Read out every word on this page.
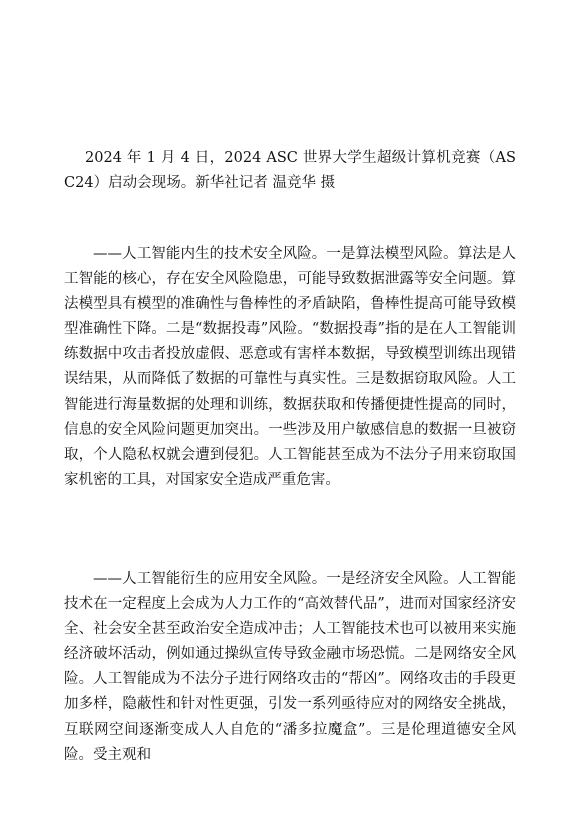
2024 年 1 月 4 日，2024 ASC 世界大学生超级计算机竞赛（ASC24）启动会现场。新华社记者 温竞华 摄

——人工智能内生的技术安全风险。一是算法模型风险。算法是人工智能的核心，存在安全风险隐患，可能导致数据泄露等安全问题。算法模型具有模型的准确性与鲁棒性的矛盾缺陷，鲁棒性提高可能导致模型准确性下降。二是“数据投毒”风险。“数据投毒”指的是在人工智能训练数据中攻击者投放虚假、恶意或有害样本数据，导致模型训练出现错误结果，从而降低了数据的可靠性与真实性。三是数据窃取风险。人工智能进行海量数据的处理和训练，数据获取和传播便捷性提高的同时，信息的安全风险问题更加突出。一些涉及用户敏感信息的数据一旦被窃取，个人隐私权就会遭到侵犯。人工智能甚至成为不法分子用来窃取国家机密的工具，对国家安全造成严重危害。

——人工智能衍生的应用安全风险。一是经济安全风险。人工智能技术在一定程度上会成为人力工作的“高效替代品”，进而对国家经济安全、社会安全甚至政治安全造成冲击；人工智能技术也可以被用来实施经济破坏活动，例如通过操纵宣传导致金融市场恐慌。二是网络安全风险。人工智能成为不法分子进行网络攻击的“帮凶”。网络攻击的手段更加多样，隐蔽性和针对性更强，引发一系列亟待应对的网络安全挑战，互联网空间逐渐变成人人自危的“潘多拉魔盒”。三是伦理道德安全风险。受主观和
